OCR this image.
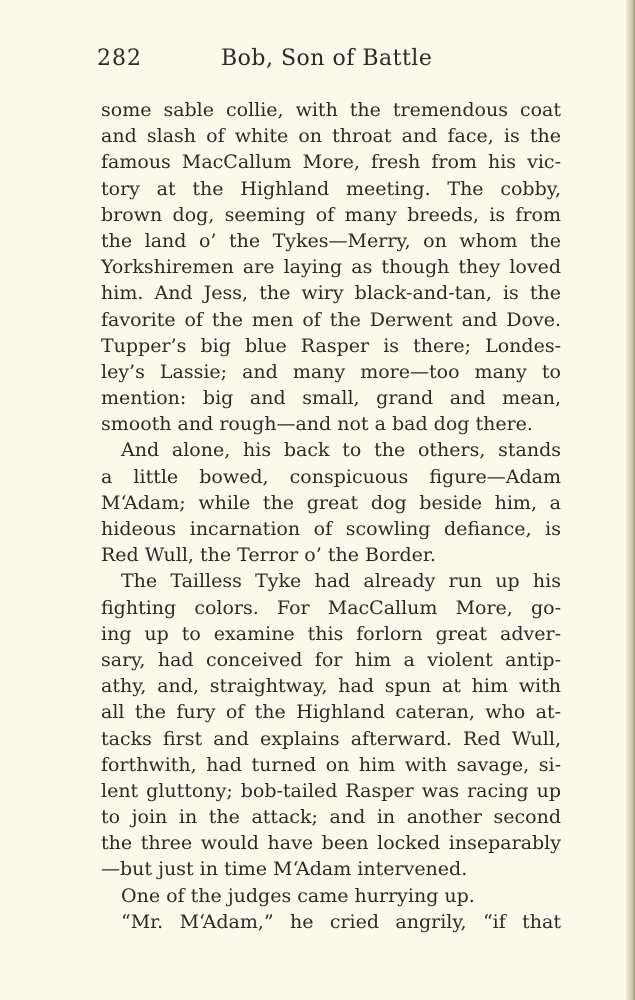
282	Bob, Son of Battle
some sable collie, with the tremendous coat
and slash of white on throat and face, is the
famous MacCallum More, fresh from his vic-
tory at the Highland meeting. The cobby,
brown dog, seeming of many breeds, is from
the land o’ the Tykes—Merry, on whom the
Yorkshiremen are laying as though they loved
him. And Jess, the wiry black-and-tan, is the
favorite of the men of the Derwent and Dove.
Tupper’s big blue Rasper is there; Londes-
ley’s Lassie; and many more—too many to
mention: big and small, grand and mean,
smooth and rough—and not a bad dog there.
And alone, his back to the others, stands
a little bowed, conspicuous figure—Adam
M‘Adam; while the great dog beside him, a
hideous incarnation of scowling defiance, is
Red Wull, the Terror o’ the Border.
The Tailless Tyke had already run up his
fighting colors. For MacCallum More, go-
ing up to examine this forlorn great adver-
sary, had conceived for him a violent antip-
athy, and, straightway, had spun at him with
all the fury of the Highland cateran, who at-
tacks first and explains afterward. Red Wull,
forthwith, had turned on him with savage, si-
lent gluttony; bob-tailed Rasper was racing up
to join in the attack; and in another second
the three would have been locked inseparably
—but just in time M‘Adam intervened.
One of the judges came hurrying up.
“Mr. M‘Adam,” he cried angrily, “if that
